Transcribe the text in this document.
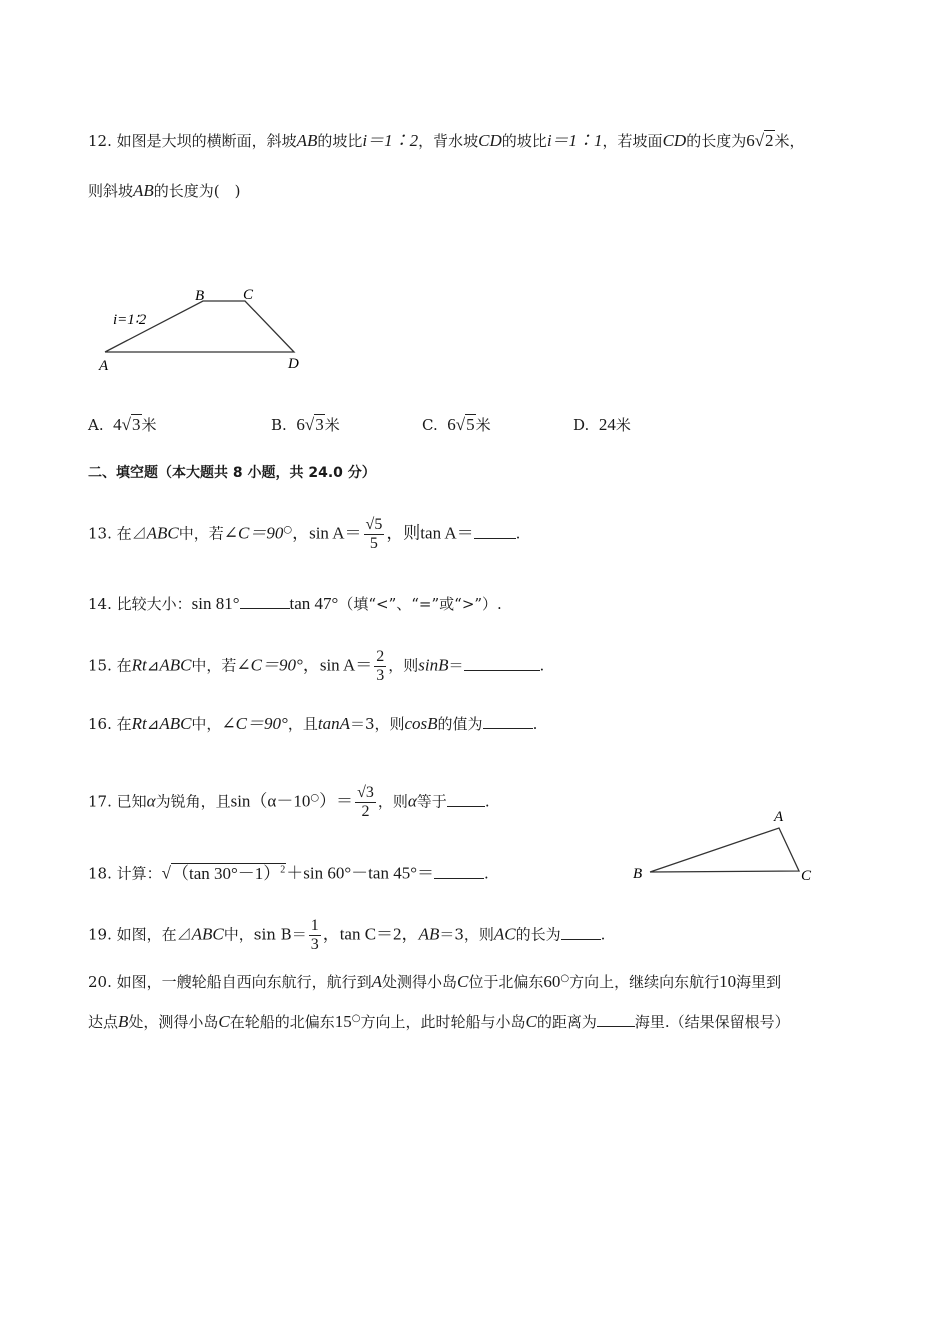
12. 如图是大坝的横断面，斜坡AB的坡比i＝1∶2，背水坡CD的坡比i＝1∶1，若坡面CD的长度为6√2米，
则斜坡AB的长度为(　)
i=1∶2
B	C
A	D
A. 4√3米	B. 6√3米	C. 6√5米	D. 24米
二、填空题（本大题共 8 小题，共 24.0 分）
13. 在⊿ABC中，若∠C＝90○，$\sin A= \frac{√5}{5}$ ，则tan A＝	.
14. 比较大小：sin 81°	tan 47°（填“<”、“=”或“>”）.
15. 在Rt⊿ABC中，若∠C＝90°，$\sin A= \frac{2}{3}$ ，则sinB＝	.
16. 在Rt⊿ABC中，∠C＝90°，且tanA＝3，则cosB的值为	.
17. 已知α为锐角，且$\sin(\alpha-10^○)= \frac{√3}{2}$ ，则α等于	.
18. 计算：√（tan 30°－1）$^2$＋sin 60°－tan 45°＝	.
A
B	C
19. 如图，在⊿ABC中，$\sin B= \frac{1}{3}$ ，tan C＝2，AB＝3，则AC的长为	.
20. 如图，一艘轮船自西向东航行，航行到A处测得小岛C位于北偏东60○方向上，继续向东航行10海里到
达点B处，测得小岛C在轮船的北偏东15○方向上，此时轮船与小岛C的距离为	海里.（结果保留根号）
